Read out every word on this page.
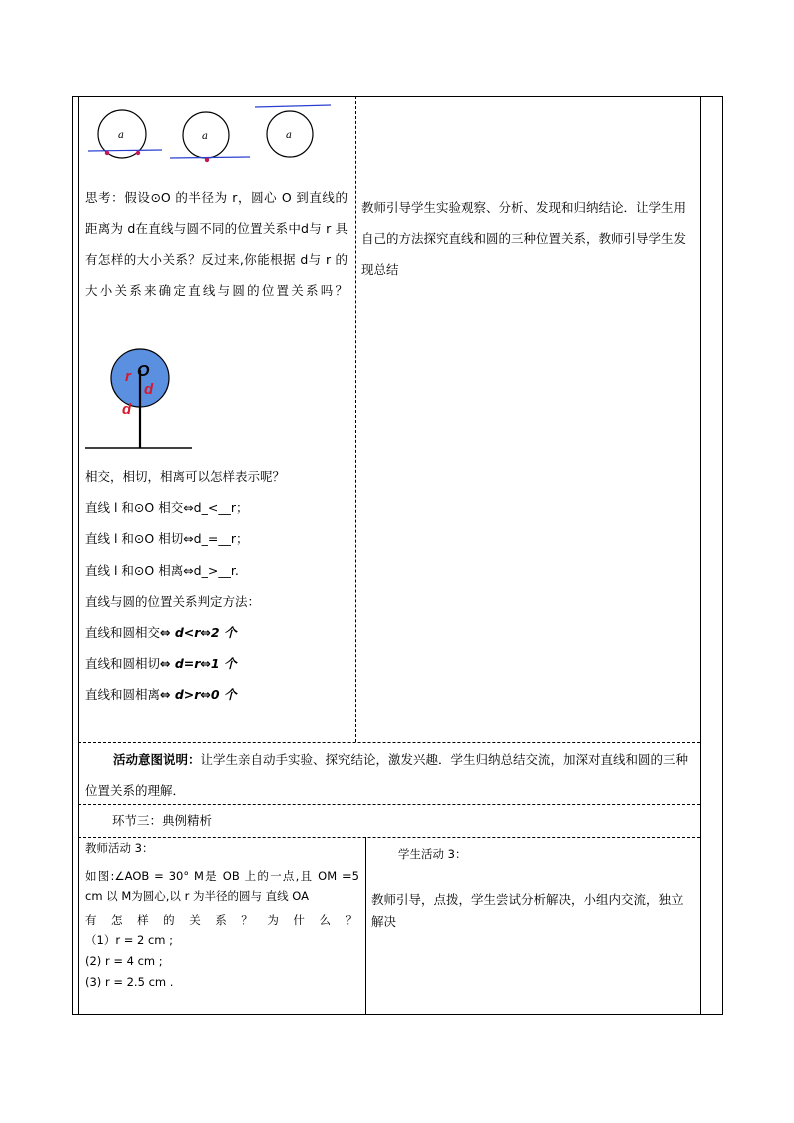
a	a	a
思考：假设⊙O 的半径为 r，圆心 O 到直线的距离为 d在直线与圆不同的位置关系中d与 r 具有怎样的大小关系？反过来,你能根据 d与 r 的大小关系来确定直线与圆的位置关系吗？
O
r
d
d
相交，相切，相离可以怎样表示呢？
直线 l 和⊙O 相交⇔d_<__r；
直线 l 和⊙O 相切⇔d_=__r；
直线 l 和⊙O 相离⇔d_>__r.
直线与圆的位置关系判定方法：
直线和圆相交⇔ d<r⇔2 个
直线和圆相切⇔ d=r⇔1 个
直线和圆相离⇔ d>r⇔0 个
教师引导学生实验观察、分析、发现和归纳结论．让学生用自己的方法探究直线和圆的三种位置关系，教师引导学生发现总结
活动意图说明：让学生亲自动手实验、探究结论，激发兴趣．学生归纳总结交流，加深对直线和圆的三种位置关系的理解．
环节三：典例精析
教师活动 3：
如图:∠AOB = 30° M是 OB 上的一点,且 OM =5 cm 以 M为圆心,以 r 为半径的圆与 直线 OA
有 怎 样 的 关 系 ？ 为 什 么 ？
（1）r = 2 cm ;
(2) r = 4 cm ;
(3) r = 2.5 cm .
学生活动 3：
教师引导，点拨，学生尝试分析解决，小组内交流，独立解决
